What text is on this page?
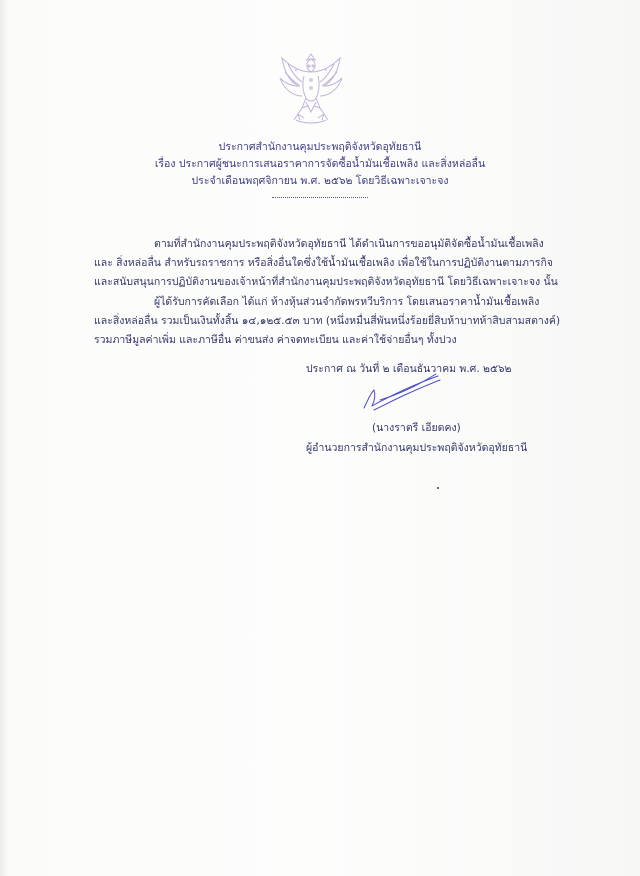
ประกาศสำนักงานคุมประพฤติจังหวัดอุทัยธานี
เรื่อง ประกาศผู้ชนะการเสนอราคาการจัดซื้อน้ำมันเชื้อเพลิง และสิ่งหล่อลื่น
ประจำเดือนพฤศจิกายน พ.ศ. ๒๕๖๒ โดยวิธีเฉพาะเจาะจง
ตามที่สำนักงานคุมประพฤติจังหวัดอุทัยธานี ได้ดำเนินการขออนุมัติจัดซื้อน้ำมันเชื้อเพลิง
และ สิ่งหล่อลื่น สำหรับรถราชการ หรือสิ่งอื่นใดซึ่งใช้น้ำมันเชื้อเพลิง เพื่อใช้ในการปฏิบัติงานตามภารกิจ
และสนับสนุนการปฏิบัติงานของเจ้าหน้าที่สำนักงานคุมประพฤติจังหวัดอุทัยธานี โดยวิธีเฉพาะเจาะจง นั้น
ผู้ได้รับการคัดเลือก ได้แก่ ห้างหุ้นส่วนจำกัดพรหวีบริการ โดยเสนอราคาน้ำมันเชื้อเพลิง
และสิ่งหล่อลื่น รวมเป็นเงินทั้งสิ้น ๑๔,๑๒๕.๕๓ บาท (หนึ่งหมื่นสี่พันหนึ่งร้อยยี่สิบห้าบาทห้าสิบสามสตางค์)
รวมภาษีมูลค่าเพิ่ม และภาษีอื่น ค่าขนส่ง ค่าจดทะเบียน และค่าใช้จ่ายอื่นๆ ทั้งปวง
ประกาศ ณ วันที่ ๒ เดือนธันวาคม พ.ศ. ๒๕๖๒
(นางราตรี เอียดคง)
ผู้อำนวยการสำนักงานคุมประพฤติจังหวัดอุทัยธานี
